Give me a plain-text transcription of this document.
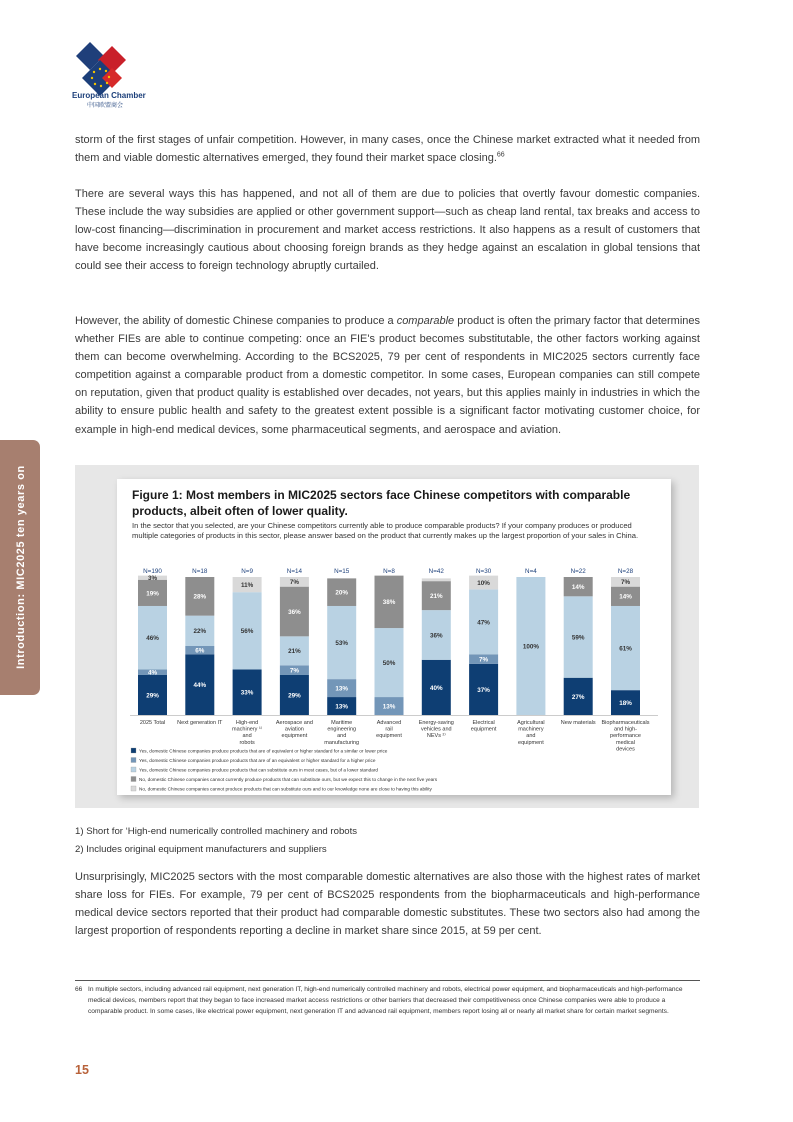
European Chamber
中国欧盟商会
Introduction: MIC2025 ten years on

storm of the first stages of unfair competition. However, in many cases, once the Chinese market extracted what it needed from them and viable domestic alternatives emerged, they found their market space closing.$^{66}$

There are several ways this has happened, and not all of them are due to policies that overtly favour domestic companies. These include the way subsidies are applied or other government support—such as cheap land rental, tax breaks and access to low-cost financing—discrimination in procurement and market access restrictions. It also happens as a result of customers that have become increasingly cautious about choosing foreign brands as they hedge against an escalation in global tensions that could see their access to foreign technology abruptly curtailed.

However, the ability of domestic Chinese companies to produce a comparable product is often the primary factor that determines whether FIEs are able to continue competing: once an FIE's product becomes substitutable, the other factors working against them can become overwhelming. According to the BCS2025, 79 per cent of respondents in MIC2025 sectors currently face competition against a comparable product from a domestic competitor. In some cases, European companies can still compete on reputation, given that product quality is established over decades, not years, but this applies mainly in industries in which the ability to ensure public health and safety to the greatest extent possible is a significant factor motivating customer choice, for example in high-end medical devices, some pharmaceutical segments, and aerospace and aviation.

Figure 1: Most members in MIC2025 sectors face Chinese competitors with comparable products, albeit often of lower quality.

In the sector that you selected, are your Chinese competitors currently able to produce comparable products? If your company produces or produced multiple categories of products in this sector, please answer based on the product that currently makes up the largest proportion of your sales in China.

29%
4%
46%
19%
3%
N=190
2025 Total
44%
6%
22%
28%
N=18
Next generation IT
33%
56%
11%
N=9
High-end
machinery ¹⁾
and
robots
29%
7%
21%
36%
7%
N=14
Aerospace and
aviation
equipment
13%
13%
53%
20%
N=15
Maritime
engineering
and
manufacturing
13%
50%
38%
N=8
Advanced
rail
equipment
40%
36%
21%
N=42
Energy-saving
vehicles and
NEVs ²⁾
37%
7%
47%
10%
N=30
Electrical
equipment
100%
N=4
Agricultural
machinery
and
equipment
27%
59%
14%
N=22
New materials
18%
61%
14%
7%
N=28
Biopharmaceuticals
and high-
performance
medical
devices
Yes, domestic Chinese companies produce products that are of equivalent or higher standard for a similar or lower price
Yes, domestic Chinese companies produce products that are of an equivalent or higher standard for a higher price
Yes, domestic Chinese companies produce products that can substitute ours in most cases, but of a lower standard
No, domestic Chinese companies cannot currently produce products that can substitute ours, but we expect this to change in the next five years
No, domestic Chinese companies cannot produce products that can substitute ours and to our knowledge none are close to having this ability
1) Short for ‘High-end numerically controlled machinery and robots
2) Includes original equipment manufacturers and suppliers

Unsurprisingly, MIC2025 sectors with the most comparable domestic alternatives are also those with the highest rates of market share loss for FIEs. For example, 79 per cent of BCS2025 respondents from the biopharmaceuticals and high-performance medical device sectors reported that their product had comparable domestic substitutes. These two sectors also had among the largest proportion of respondents reporting a decline in market share since 2015, at 59 per cent.

66 In multiple sectors, including advanced rail equipment, next generation IT, high-end numerically controlled machinery and robots, electrical power equipment, and biopharmaceuticals and high-performance medical devices, members report that they began to face increased market access restrictions or other barriers that decreased their competitiveness once Chinese companies were able to produce a comparable product. In some cases, like electrical power equipment, next generation IT and advanced rail equipment, members report losing all or nearly all market share for certain market segments.
15
